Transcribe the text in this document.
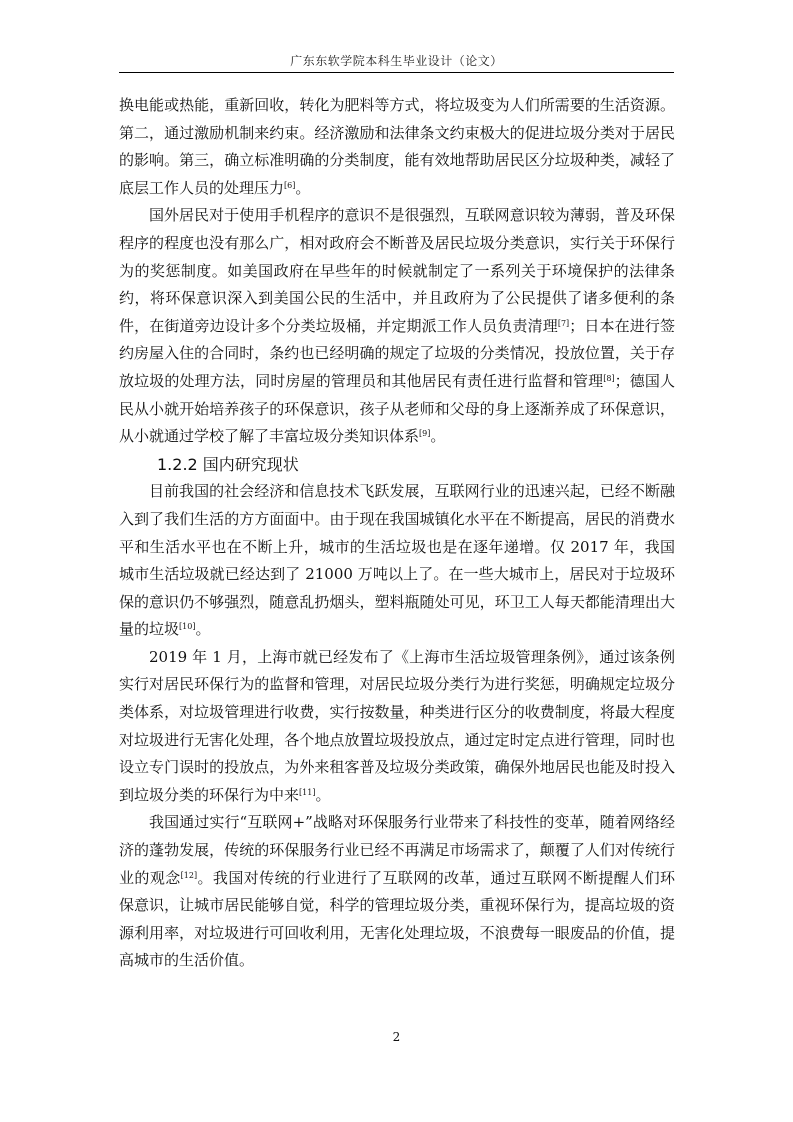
广东东软学院本科生毕业设计（论文）

换电能或热能，重新回收，转化为肥料等方式，将垃圾变为人们所需要的生活资源。第二，通过激励机制来约束。经济激励和法律条文约束极大的促进垃圾分类对于居民的影响。第三，确立标准明确的分类制度，能有效地帮助居民区分垃圾种类，减轻了底层工作人员的处理压力[6]。

国外居民对于使用手机程序的意识不是很强烈，互联网意识较为薄弱，普及环保程序的程度也没有那么广，相对政府会不断普及居民垃圾分类意识，实行关于环保行为的奖惩制度。如美国政府在早些年的时候就制定了一系列关于环境保护的法律条约，将环保意识深入到美国公民的生活中，并且政府为了公民提供了诸多便利的条件，在街道旁边设计多个分类垃圾桶，并定期派工作人员负责清理[7]；日本在进行签约房屋入住的合同时，条约也已经明确的规定了垃圾的分类情况，投放位置，关于存放垃圾的处理方法，同时房屋的管理员和其他居民有责任进行监督和管理[8]；德国人民从小就开始培养孩子的环保意识，孩子从老师和父母的身上逐渐养成了环保意识，从小就通过学校了解了丰富垃圾分类知识体系[9]。

1.2.2 国内研究现状

目前我国的社会经济和信息技术飞跃发展，互联网行业的迅速兴起，已经不断融入到了我们生活的方方面面中。由于现在我国城镇化水平在不断提高，居民的消费水平和生活水平也在不断上升，城市的生活垃圾也是在逐年递增。仅 2017 年，我国城市生活垃圾就已经达到了 21000 万吨以上了。在一些大城市上，居民对于垃圾环保的意识仍不够强烈，随意乱扔烟头，塑料瓶随处可见，环卫工人每天都能清理出大量的垃圾[10]。

2019 年 1 月，上海市就已经发布了《上海市生活垃圾管理条例》，通过该条例实行对居民环保行为的监督和管理，对居民垃圾分类行为进行奖惩，明确规定垃圾分类体系，对垃圾管理进行收费，实行按数量，种类进行区分的收费制度，将最大程度对垃圾进行无害化处理，各个地点放置垃圾投放点，通过定时定点进行管理，同时也设立专门误时的投放点，为外来租客普及垃圾分类政策，确保外地居民也能及时投入到垃圾分类的环保行为中来[11]。

我国通过实行“互联网+”战略对环保服务行业带来了科技性的变革，随着网络经济的蓬勃发展，传统的环保服务行业已经不再满足市场需求了，颠覆了人们对传统行业的观念[12]。我国对传统的行业进行了互联网的改革，通过互联网不断提醒人们环保意识，让城市居民能够自觉，科学的管理垃圾分类，重视环保行为，提高垃圾的资源利用率，对垃圾进行可回收利用，无害化处理垃圾，不浪费每一眼废品的价值，提高城市的生活价值。

2
